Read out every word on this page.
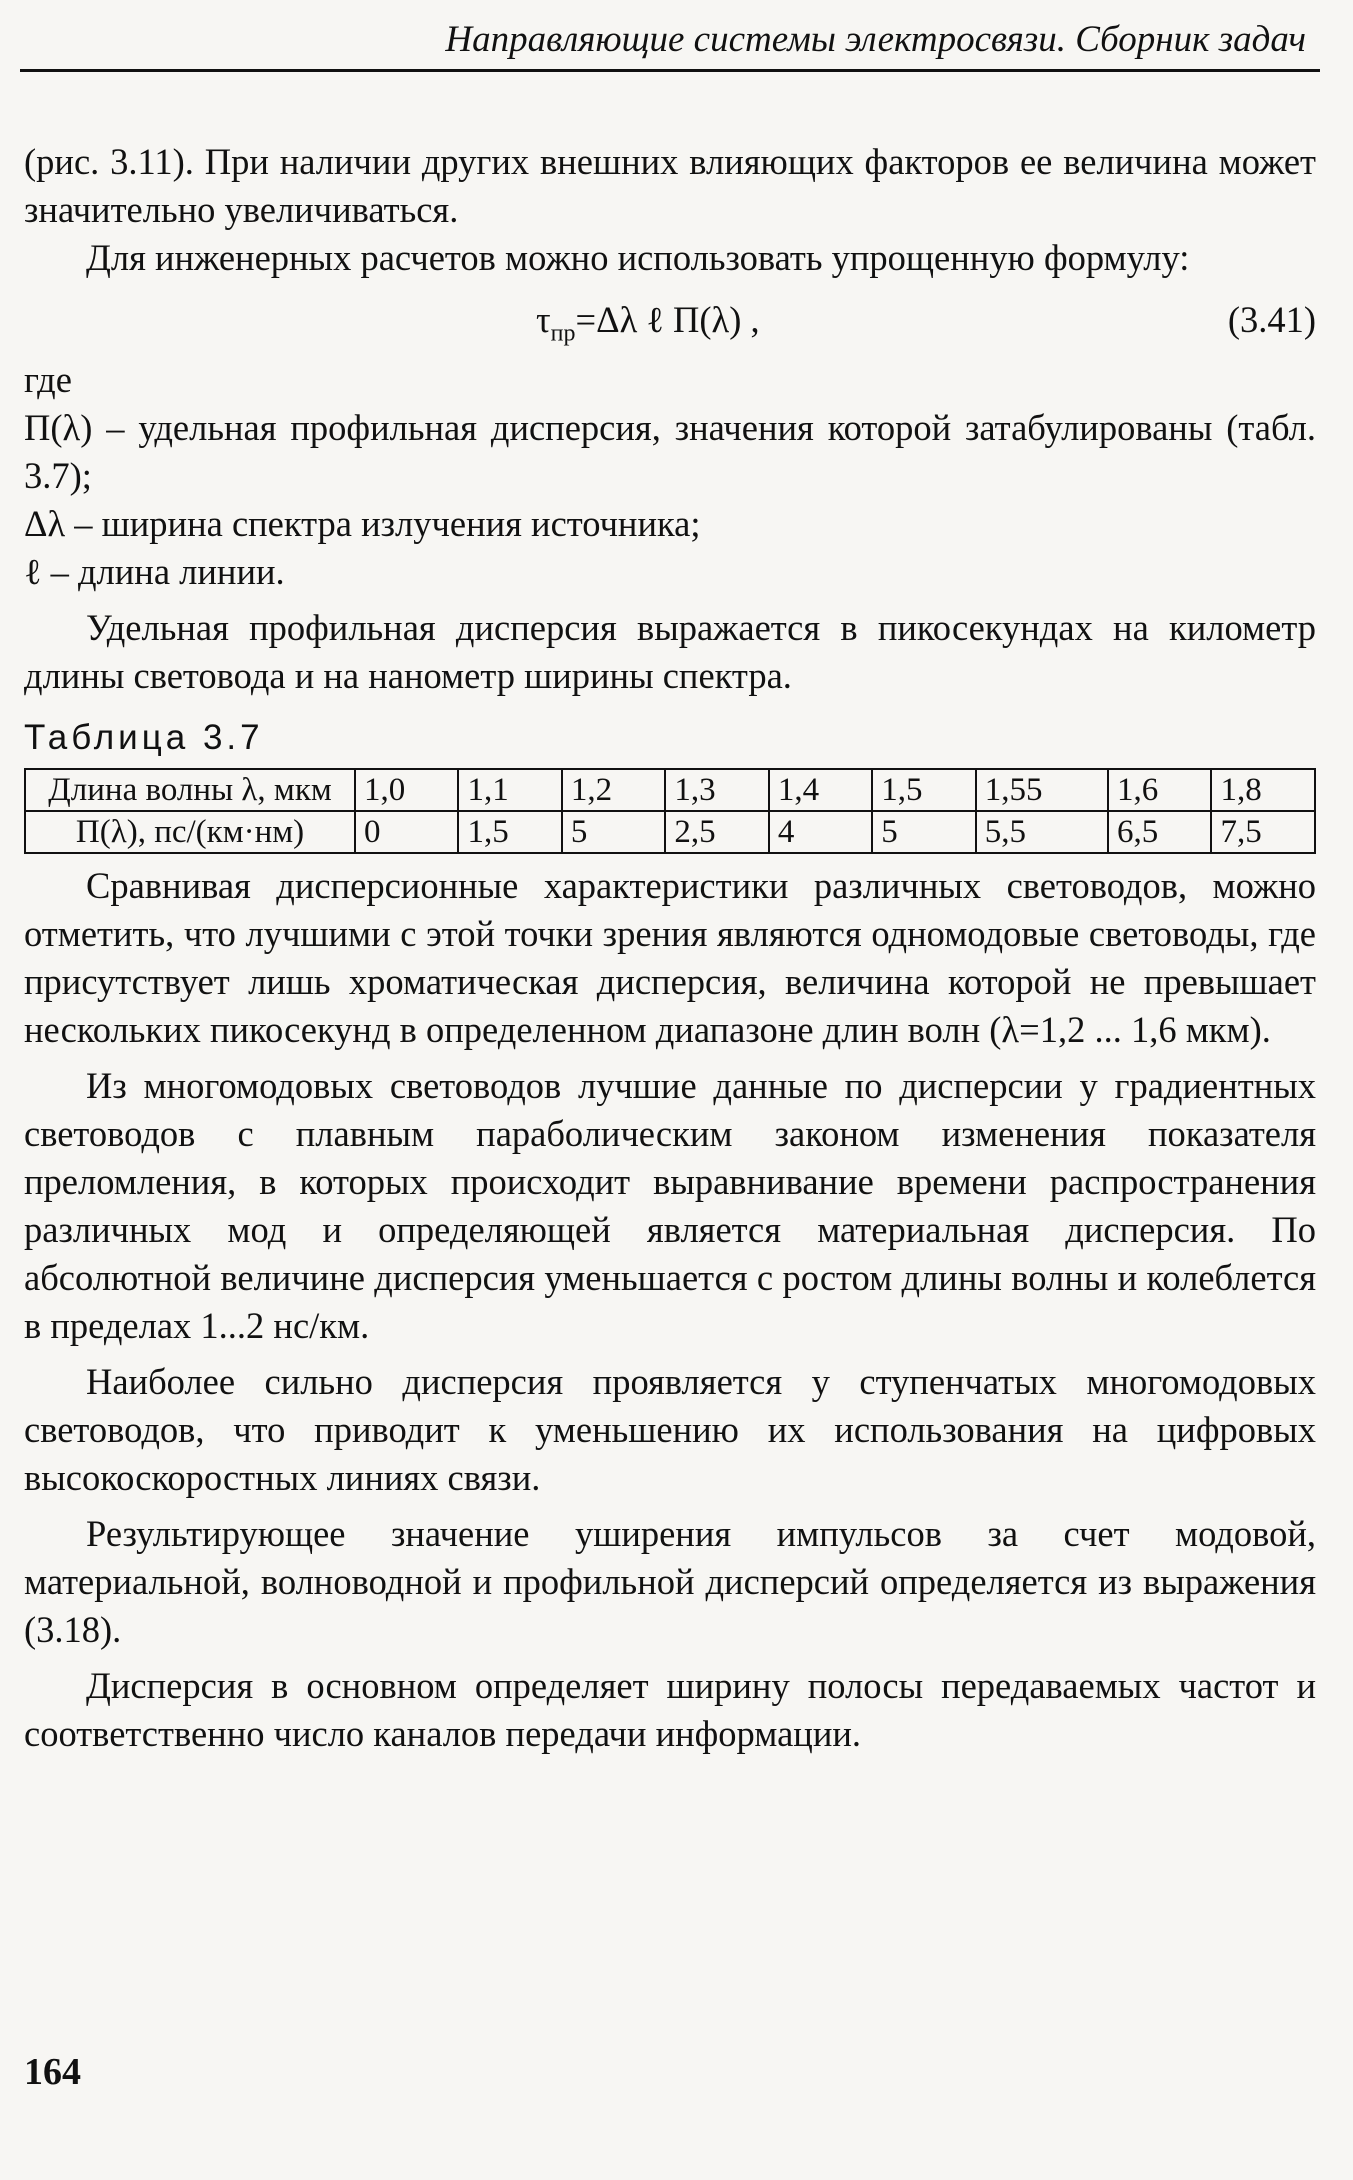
Направляющие системы электросвязи. Сборник задач

(рис. 3.11). При наличии других внешних влияющих факторов ее величина может значительно увеличиваться.

Для инженерных расчетов можно использовать упрощенную формулу:

$\tau_{пр}=\Delta\lambda$ ℓ П(λ) ,	(3.41)

где

П(λ) – удельная профильная дисперсия, значения которой затабулированы (табл. 3.7);

Δλ – ширина спектра излучения источника;

ℓ – длина линии.

Удельная профильная дисперсия выражается в пикосекундах на километр длины световода и на нанометр ширины спектра.

Таблица 3.7
Длина волны λ, мкм	1,0	1,1	1,2	1,3	1,4	1,5	1,55	1,6	1,8
П(λ), пс/(км·нм)	0	1,5	5	2,5	4	5	5,5	6,5	7,5

Сравнивая дисперсионные характеристики различных световодов, можно отметить, что лучшими с этой точки зрения являются одномодовые световоды, где присутствует лишь хроматическая дисперсия, величина которой не превышает нескольких пикосекунд в определенном диапазоне длин волн (λ=1,2 ... 1,6 мкм).

Из многомодовых световодов лучшие данные по дисперсии у градиентных световодов с плавным параболическим законом изменения показателя преломления, в которых происходит выравнивание времени распространения различных мод и определяющей является материальная дисперсия. По абсолютной величине дисперсия уменьшается с ростом длины волны и колеблется в пределах 1...2 нс/км.

Наиболее сильно дисперсия проявляется у ступенчатых многомодовых световодов, что приводит к уменьшению их использования на цифровых высокоскоростных линиях связи.

Результирующее значение уширения импульсов за счет модовой, материальной, волноводной и профильной дисперсий определяется из выражения (3.18).

Дисперсия в основном определяет ширину полосы передаваемых частот и соответственно число каналов передачи информации.

164
